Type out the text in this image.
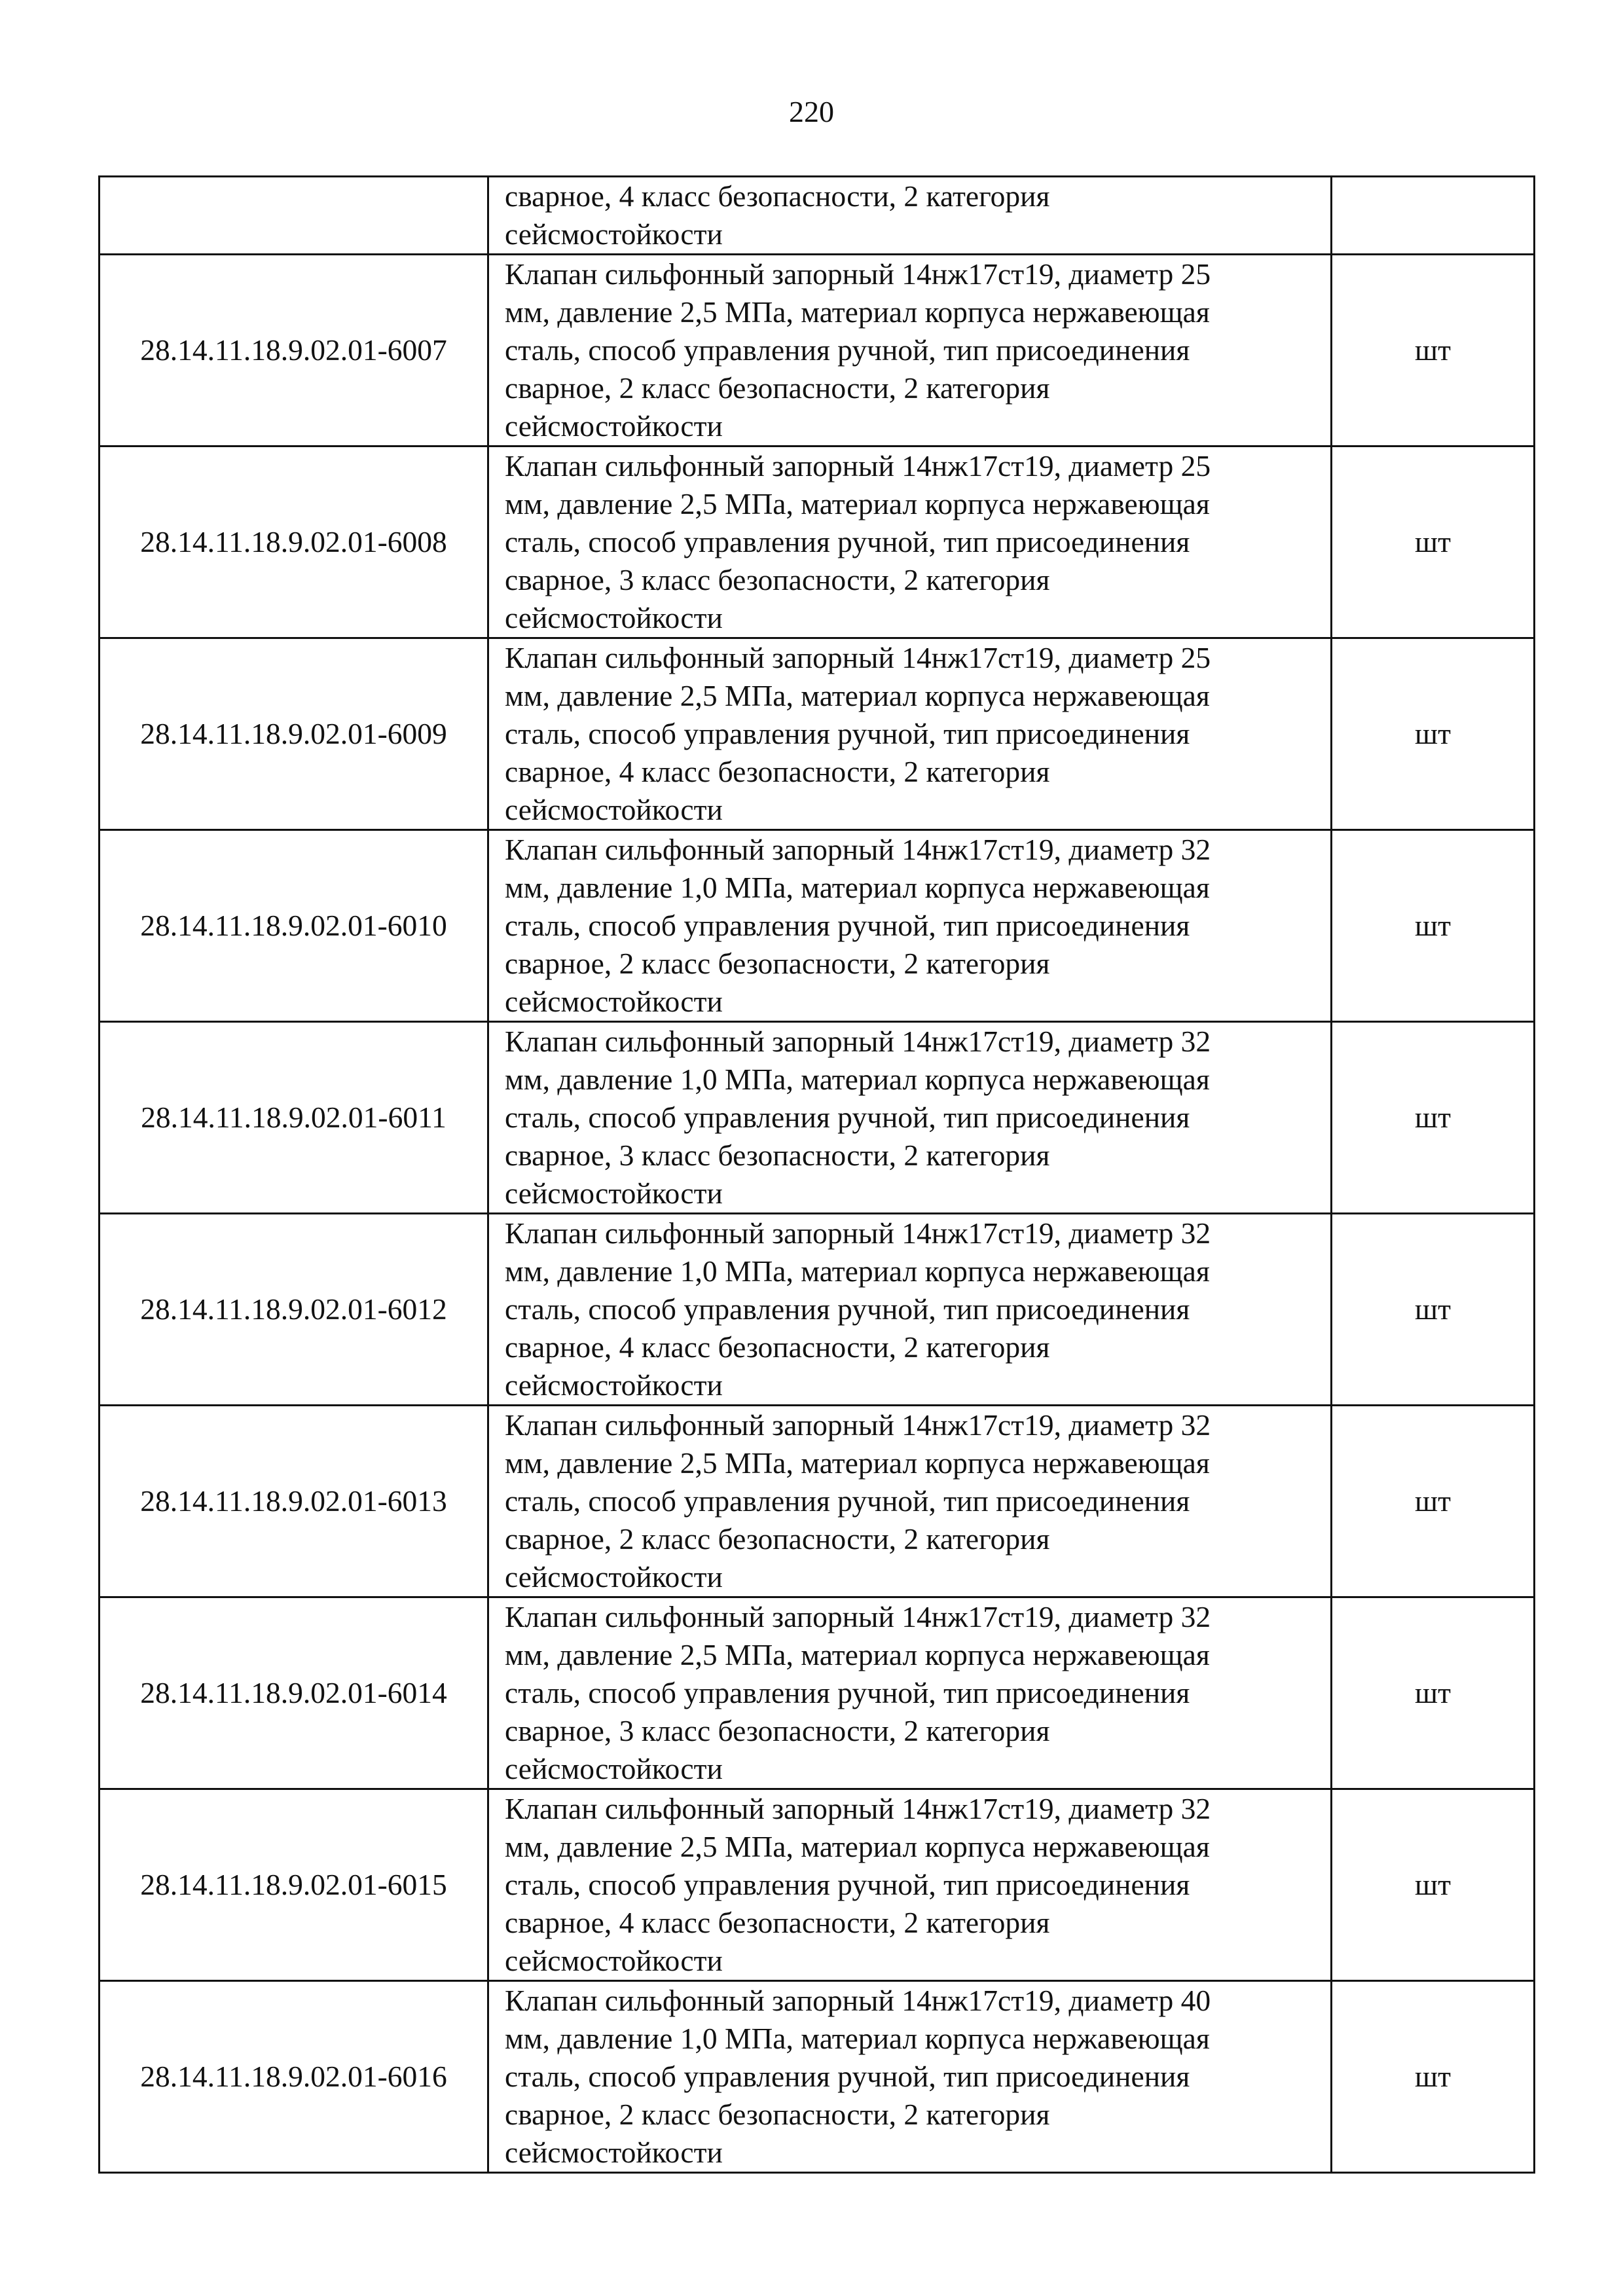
220

	сварное, 4 класс безопасности, 2 категория
сейсмостойкости	

28.14.11.18.9.02.01-6007	Клапан сильфонный запорный 14нж17ст19, диаметр 25
мм, давление 2,5 МПа, материал корпуса нержавеющая
сталь, способ управления ручной, тип присоединения
сварное, 2 класс безопасности, 2 категория
сейсмостойкости	шт
28.14.11.18.9.02.01-6008	Клапан сильфонный запорный 14нж17ст19, диаметр 25
мм, давление 2,5 МПа, материал корпуса нержавеющая
сталь, способ управления ручной, тип присоединения
сварное, 3 класс безопасности, 2 категория
сейсмостойкости	шт
28.14.11.18.9.02.01-6009	Клапан сильфонный запорный 14нж17ст19, диаметр 25
мм, давление 2,5 МПа, материал корпуса нержавеющая
сталь, способ управления ручной, тип присоединения
сварное, 4 класс безопасности, 2 категория
сейсмостойкости	шт
28.14.11.18.9.02.01-6010	Клапан сильфонный запорный 14нж17ст19, диаметр 32
мм, давление 1,0 МПа, материал корпуса нержавеющая
сталь, способ управления ручной, тип присоединения
сварное, 2 класс безопасности, 2 категория
сейсмостойкости	шт
28.14.11.18.9.02.01-6011	Клапан сильфонный запорный 14нж17ст19, диаметр 32
мм, давление 1,0 МПа, материал корпуса нержавеющая
сталь, способ управления ручной, тип присоединения
сварное, 3 класс безопасности, 2 категория
сейсмостойкости	шт
28.14.11.18.9.02.01-6012	Клапан сильфонный запорный 14нж17ст19, диаметр 32
мм, давление 1,0 МПа, материал корпуса нержавеющая
сталь, способ управления ручной, тип присоединения
сварное, 4 класс безопасности, 2 категория
сейсмостойкости	шт
28.14.11.18.9.02.01-6013	Клапан сильфонный запорный 14нж17ст19, диаметр 32
мм, давление 2,5 МПа, материал корпуса нержавеющая
сталь, способ управления ручной, тип присоединения
сварное, 2 класс безопасности, 2 категория
сейсмостойкости	шт
28.14.11.18.9.02.01-6014	Клапан сильфонный запорный 14нж17ст19, диаметр 32
мм, давление 2,5 МПа, материал корпуса нержавеющая
сталь, способ управления ручной, тип присоединения
сварное, 3 класс безопасности, 2 категория
сейсмостойкости	шт
28.14.11.18.9.02.01-6015	Клапан сильфонный запорный 14нж17ст19, диаметр 32
мм, давление 2,5 МПа, материал корпуса нержавеющая
сталь, способ управления ручной, тип присоединения
сварное, 4 класс безопасности, 2 категория
сейсмостойкости	шт
28.14.11.18.9.02.01-6016	Клапан сильфонный запорный 14нж17ст19, диаметр 40
мм, давление 1,0 МПа, материал корпуса нержавеющая
сталь, способ управления ручной, тип присоединения
сварное, 2 класс безопасности, 2 категория
сейсмостойкости	шт
